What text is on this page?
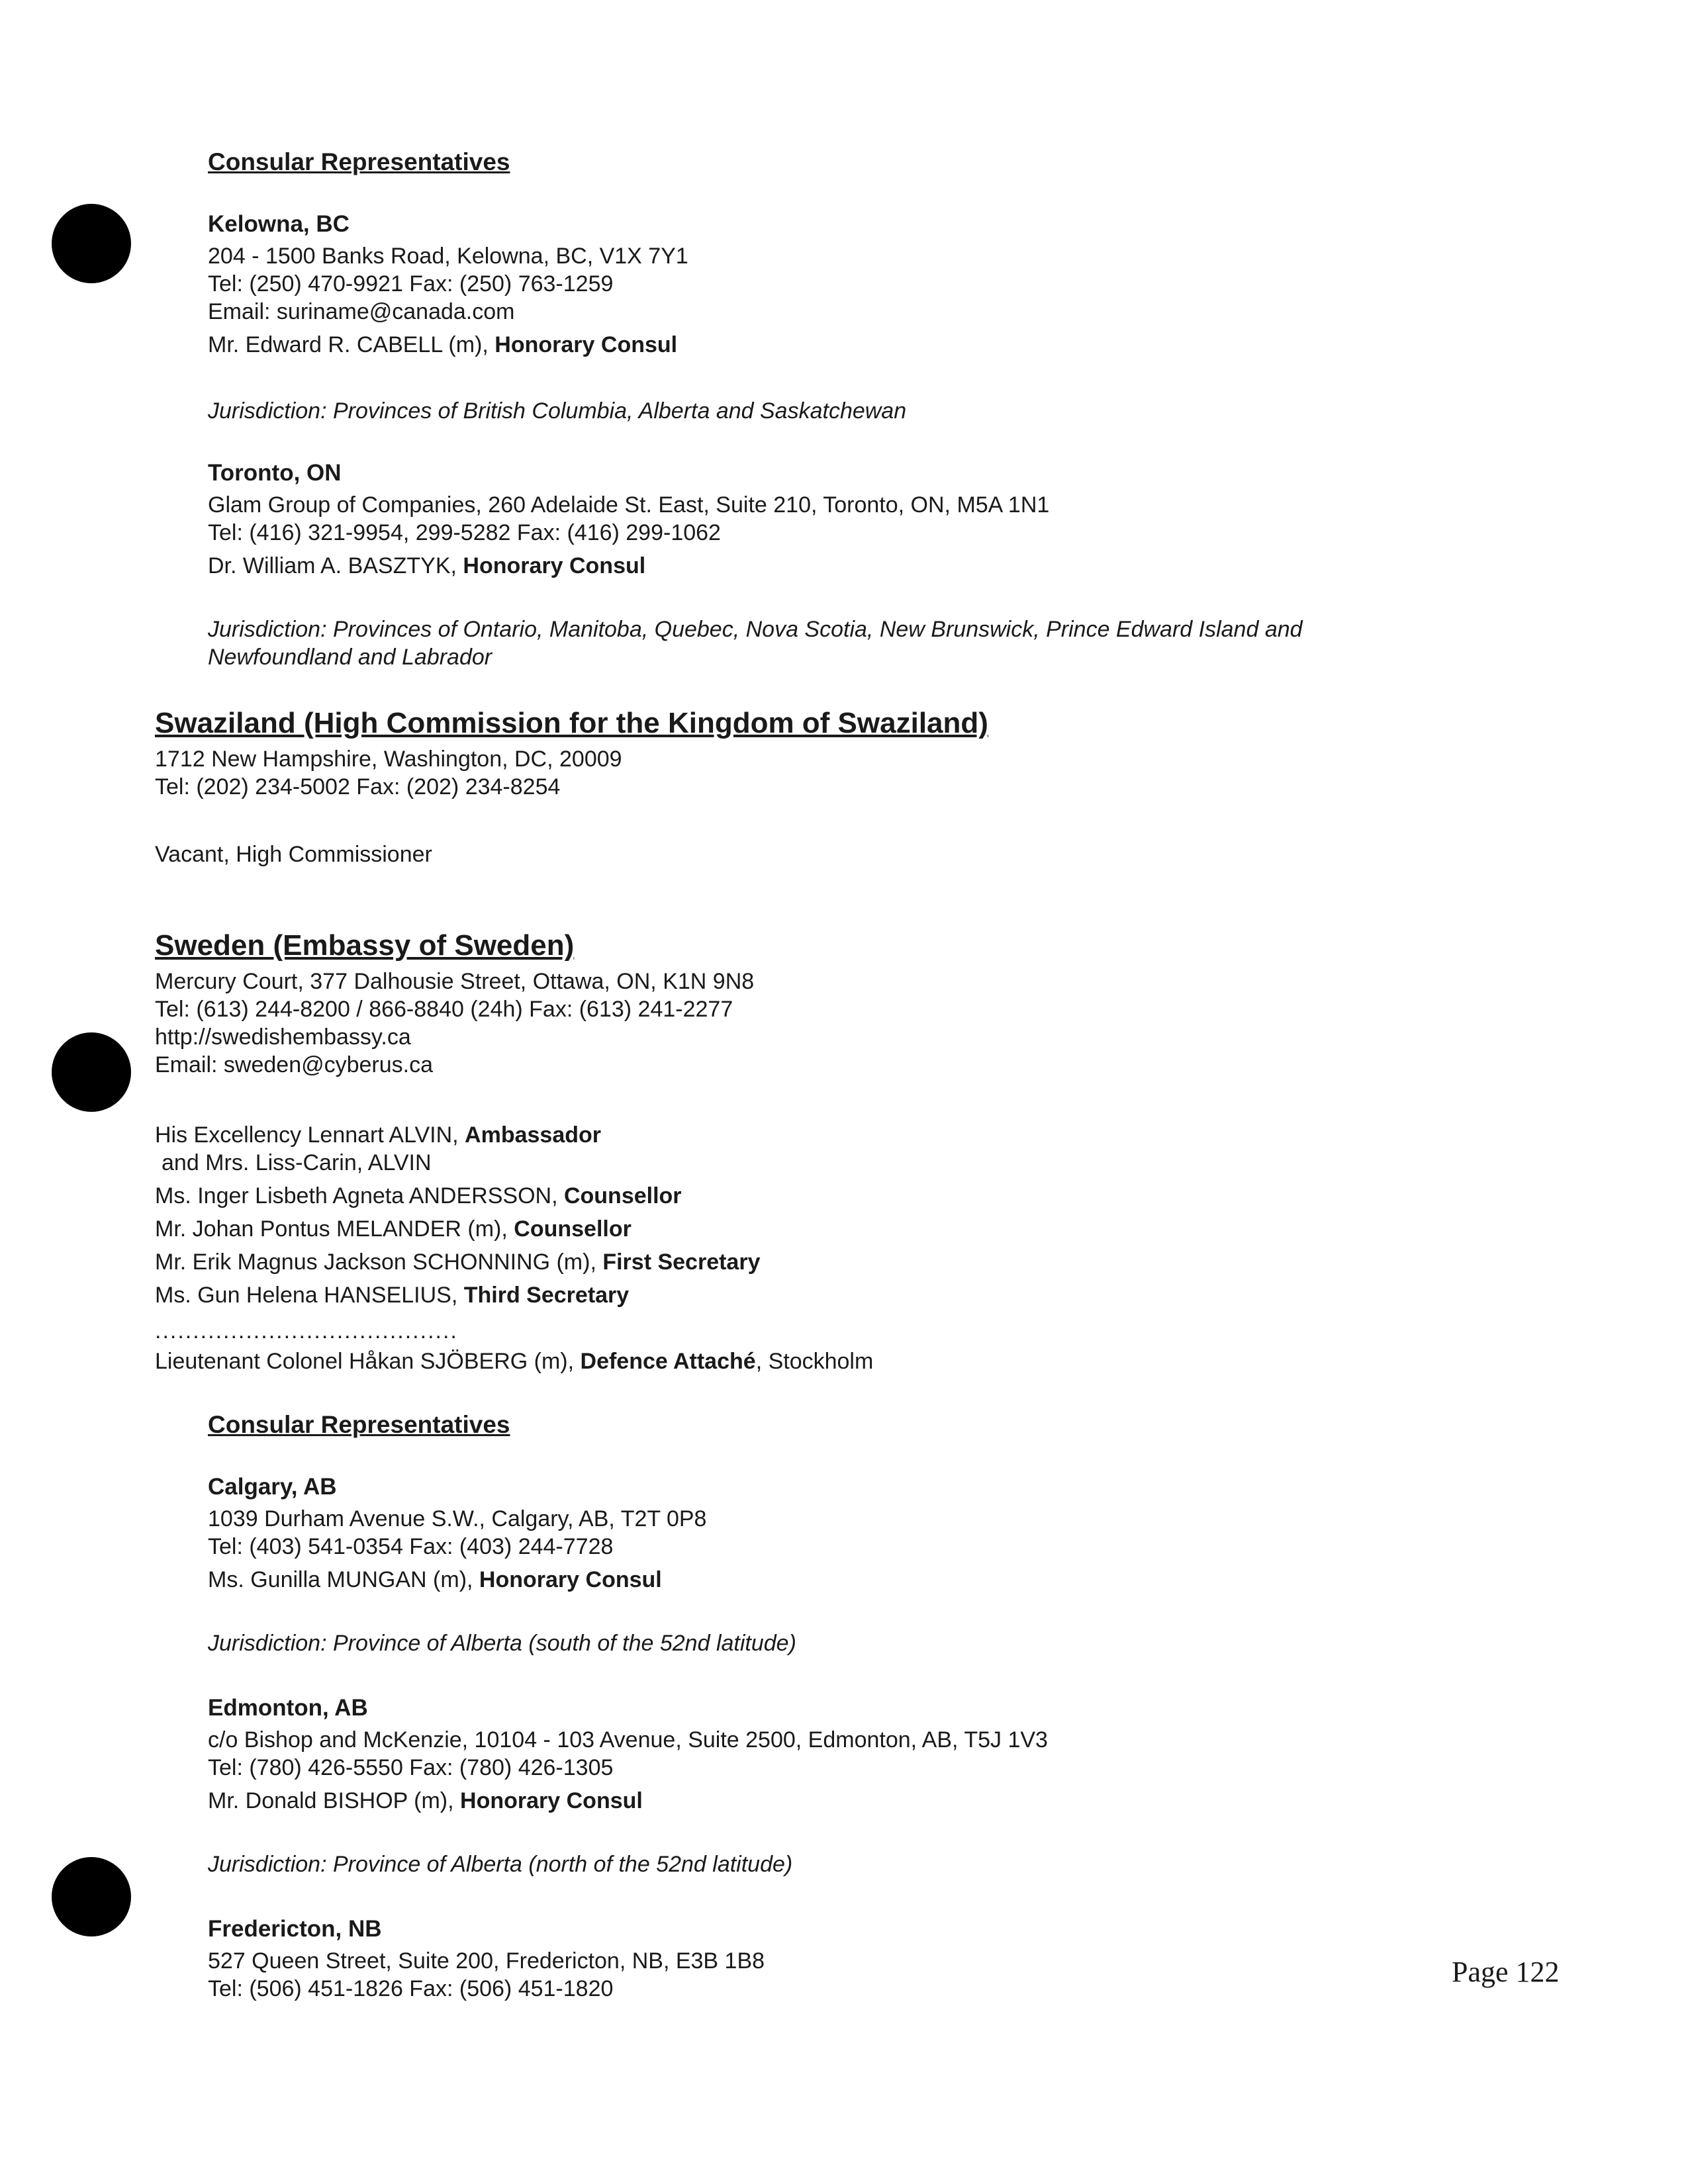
Consular Representatives
Kelowna, BC
204 - 1500 Banks Road, Kelowna, BC, V1X 7Y1
Tel: (250) 470-9921 Fax: (250) 763-1259
Email: suriname@canada.com
Mr. Edward R. CABELL (m), Honorary Consul
Jurisdiction: Provinces of British Columbia, Alberta and Saskatchewan
Toronto, ON
Glam Group of Companies, 260 Adelaide St. East, Suite 210, Toronto, ON, M5A 1N1
Tel: (416) 321-9954, 299-5282 Fax: (416) 299-1062
Dr. William A. BASZTYK, Honorary Consul
Jurisdiction: Provinces of Ontario, Manitoba, Quebec, Nova Scotia, New Brunswick, Prince Edward Island and Newfoundland and Labrador
Swaziland (High Commission for the Kingdom of Swaziland)
1712 New Hampshire, Washington, DC, 20009
Tel: (202) 234-5002 Fax: (202) 234-8254
Vacant, High Commissioner
Sweden (Embassy of Sweden)
Mercury Court, 377 Dalhousie Street, Ottawa, ON, K1N 9N8
Tel: (613) 244-8200 / 866-8840 (24h) Fax: (613) 241-2277
http://swedishembassy.ca
Email: sweden@cyberus.ca
His Excellency Lennart ALVIN, Ambassador
and Mrs. Liss-Carin, ALVIN
Ms. Inger Lisbeth Agneta ANDERSSON, Counsellor
Mr. Johan Pontus MELANDER (m), Counsellor
Mr. Erik Magnus Jackson SCHONNING (m), First Secretary
Ms. Gun Helena HANSELIUS, Third Secretary
........................................
Lieutenant Colonel Håkan SJÖBERG (m), Defence Attaché, Stockholm
Consular Representatives
Calgary, AB
1039 Durham Avenue S.W., Calgary, AB, T2T 0P8
Tel: (403) 541-0354 Fax: (403) 244-7728
Ms. Gunilla MUNGAN (m), Honorary Consul
Jurisdiction: Province of Alberta (south of the 52nd latitude)
Edmonton, AB
c/o Bishop and McKenzie, 10104 - 103 Avenue, Suite 2500, Edmonton, AB, T5J 1V3
Tel: (780) 426-5550 Fax: (780) 426-1305
Mr. Donald BISHOP (m), Honorary Consul
Jurisdiction: Province of Alberta (north of the 52nd latitude)
Fredericton, NB
527 Queen Street, Suite 200, Fredericton, NB, E3B 1B8
Tel: (506) 451-1826 Fax: (506) 451-1820
Page 122
